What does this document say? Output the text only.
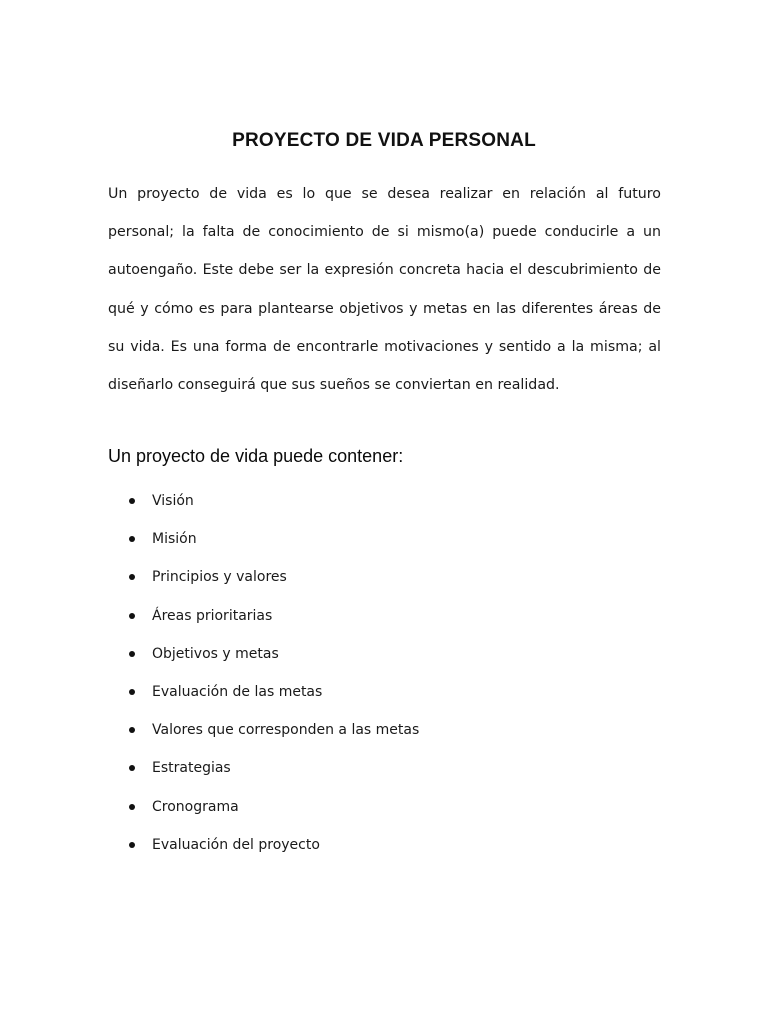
PROYECTO DE VIDA PERSONAL

Un proyecto de vida es lo que se desea realizar en relación al futuro personal; la falta de conocimiento de si mismo(a) puede conducirle a un autoengaño. Este debe ser la expresión concreta hacia el descubrimiento de qué y cómo es para plantearse objetivos y metas en las diferentes áreas de su vida. Es una forma de encontrarle motivaciones y sentido a la misma; al diseñarlo conseguirá que sus sueños se conviertan en realidad.

Un proyecto de vida puede contener:
Visión
Misión
Principios y valores
Áreas prioritarias
Objetivos y metas
Evaluación de las metas
Valores que corresponden a las metas
Estrategias
Cronograma
Evaluación del proyecto
